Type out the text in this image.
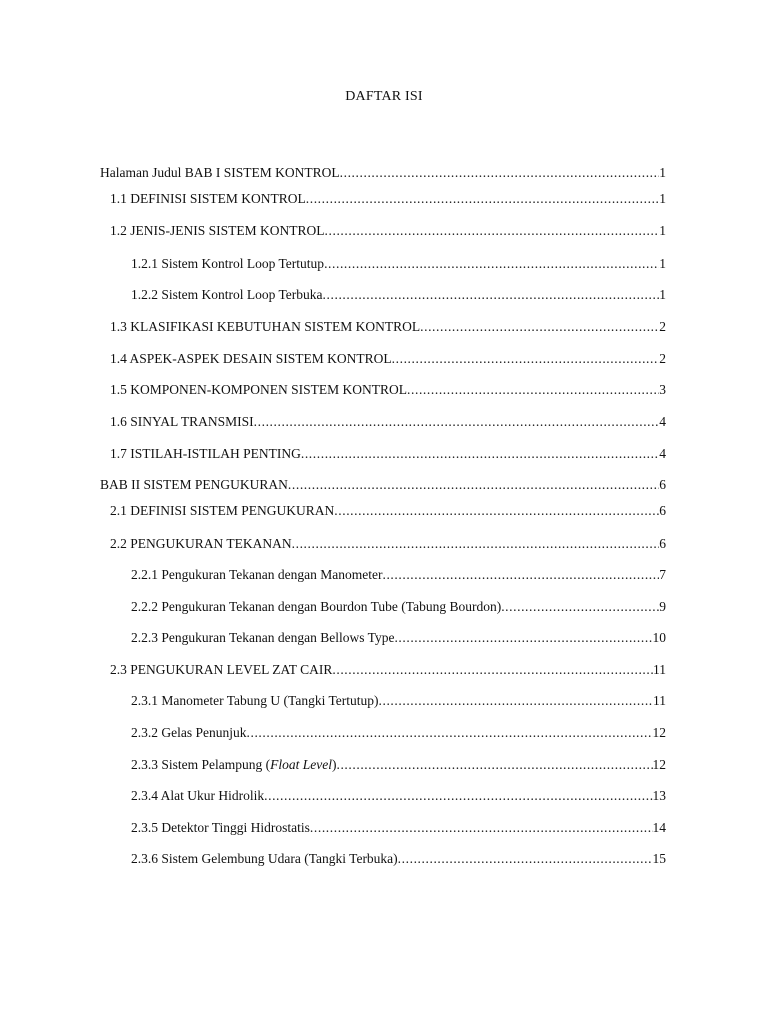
DAFTAR ISI
Halaman Judul BAB I SISTEM KONTROL .....	1
1.1 DEFINISI SISTEM KONTROL .....	1
1.2 JENIS-JENIS SISTEM KONTROL .....	1
1.2.1 Sistem Kontrol Loop Tertutup .....	1
1.2.2 Sistem Kontrol Loop Terbuka .....	1
1.3 KLASIFIKASI KEBUTUHAN SISTEM KONTROL .....	2
1.4 ASPEK-ASPEK DESAIN SISTEM KONTROL .....	2
1.5 KOMPONEN-KOMPONEN SISTEM KONTROL .....	3
1.6 SINYAL TRANSMISI .....	4
1.7 ISTILAH-ISTILAH PENTING .....	4
BAB II SISTEM PENGUKURAN .....	6
2.1 DEFINISI SISTEM PENGUKURAN .....	6
2.2 PENGUKURAN TEKANAN .....	6
2.2.1 Pengukuran Tekanan dengan Manometer .....	7
2.2.2 Pengukuran Tekanan dengan Bourdon Tube (Tabung Bourdon) .....	9
2.2.3 Pengukuran Tekanan dengan Bellows Type .....	10
2.3 PENGUKURAN LEVEL ZAT CAIR .....	11
2.3.1 Manometer Tabung U (Tangki Tertutup) .....	11
2.3.2 Gelas Penunjuk .....	12
2.3.3 Sistem Pelampung (Float Level) .....	12
2.3.4 Alat Ukur Hidrolik .....	13
2.3.5 Detektor Tinggi Hidrostatis .....	14
2.3.6 Sistem Gelembung Udara (Tangki Terbuka) .....	15
